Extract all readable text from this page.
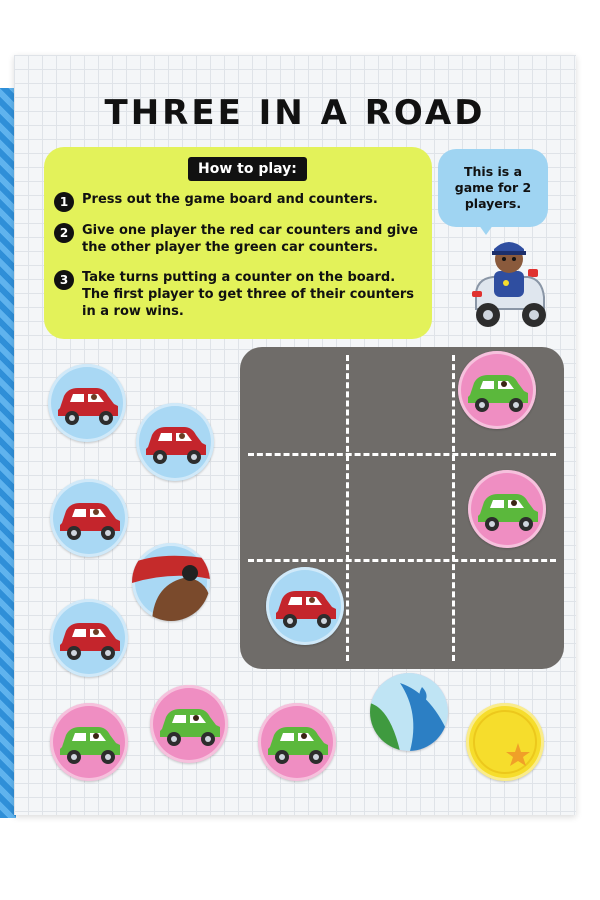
THREE IN A ROAD
How to play:
1	Press out the game board and counters.
2	Give one player the red car counters and give the other player the green car counters.
3	Take turns putting a counter on the board. The first player to get three of their counters in a row wins.
This is a game for 2 players.
